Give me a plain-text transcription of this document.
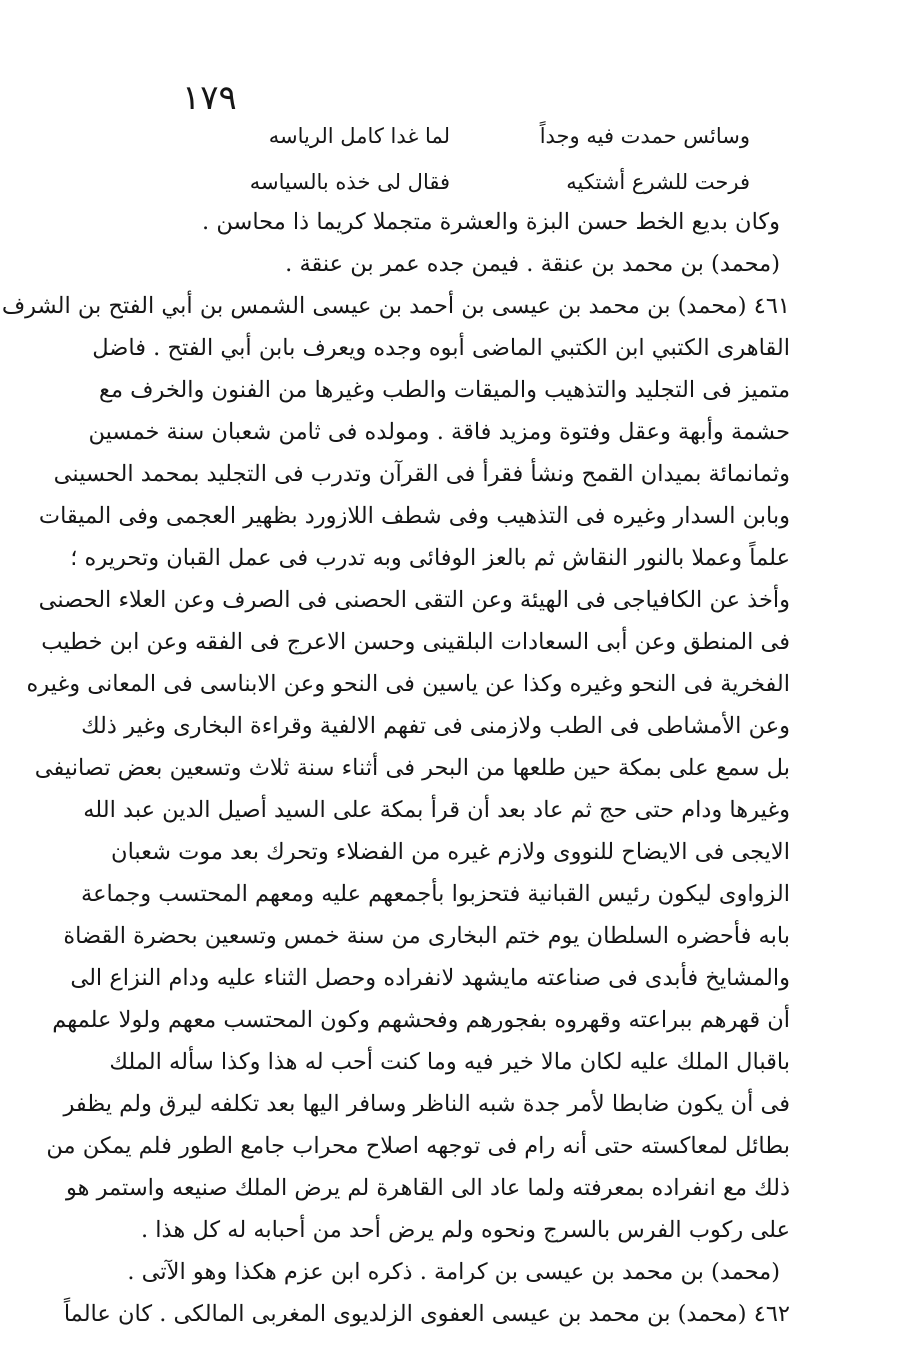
١٧٩
وسائس حمدت فيه وجداً
لما غدا كامل الرياسه
فرحت للشرع أشتكيه
فقال لى خذه بالسياسه
وكان بديع الخط حسن البزة والعشرة متجملا كريما ذا محاسن .
(محمد) بن محمد بن عنقة . فيمن جده عمر بن عنقة .
٤٦١ (محمد) بن محمد بن عيسى بن أحمد بن عيسى الشمس بن أبي الفتح بن الشرف
القاهرى الكتبي ابن الكتبي الماضى أبوه وجده ويعرف بابن أبي الفتح . فاضل
متميز فى التجليد والتذهيب والميقات والطب وغيرها من الفنون والخرف مع
حشمة وأبهة وعقل وفتوة ومزيد فاقة . ومولده فى ثامن شعبان سنة خمسين
وثمانمائة بميدان القمح ونشأ فقرأ فى القرآن وتدرب فى التجليد بمحمد الحسينى
وبابن السدار وغيره فى التذهيب وفى شطف اللازورد بظهير العجمى وفى الميقات
علماً وعملا بالنور النقاش ثم بالعز الوفائى وبه تدرب فى عمل القبان وتحريره ؛
وأخذ عن الكافياجى فى الهيئة وعن التقى الحصنى فى الصرف وعن العلاء الحصنى
فى المنطق وعن أبى السعادات البلقينى وحسن الاعرج فى الفقه وعن ابن خطيب
الفخرية فى النحو وغيره وكذا عن ياسين فى النحو وعن الابناسى فى المعانى وغيره
وعن الأمشاطى فى الطب ولازمنى فى تفهم الالفية وقراءة البخارى وغير ذلك
بل سمع على بمكة حين طلعها من البحر فى أثناء سنة ثلاث وتسعين بعض تصانيفى
وغيرها ودام حتى حج ثم عاد بعد أن قرأ بمكة على السيد أصيل الدين عبد الله
الايجى فى الايضاح للنووى ولازم غيره من الفضلاء وتحرك بعد موت شعبان
الزواوى ليكون رئيس القبانية فتحزبوا بأجمعهم عليه ومعهم المحتسب وجماعة
بابه فأحضره السلطان يوم ختم البخارى من سنة خمس وتسعين بحضرة القضاة
والمشايخ فأبدى فى صناعته مايشهد لانفراده وحصل الثناء عليه ودام النزاع الى
أن قهرهم ببراعته وقهروه بفجورهم وفحشهم وكون المحتسب معهم ولولا علمهم
باقبال الملك عليه لكان مالا خير فيه وما كنت أحب له هذا وكذا سأله الملك
فى أن يكون ضابطا لأمر جدة شبه الناظر وسافر اليها بعد تكلفه ليرق ولم يظفر
بطائل لمعاكسته حتى أنه رام فى توجهه اصلاح محراب جامع الطور فلم يمكن من
ذلك مع انفراده بمعرفته ولما عاد الى القاهرة لم يرض الملك صنيعه واستمر هو
على ركوب الفرس بالسرج ونحوه ولم يرض أحد من أحبابه له كل هذا .
(محمد) بن محمد بن عيسى بن كرامة . ذكره ابن عزم هكذا وهو الآتى .
٤٦٢ (محمد) بن محمد بن عيسى العفوى الزلديوى المغربى المالكى . كان عالماً
